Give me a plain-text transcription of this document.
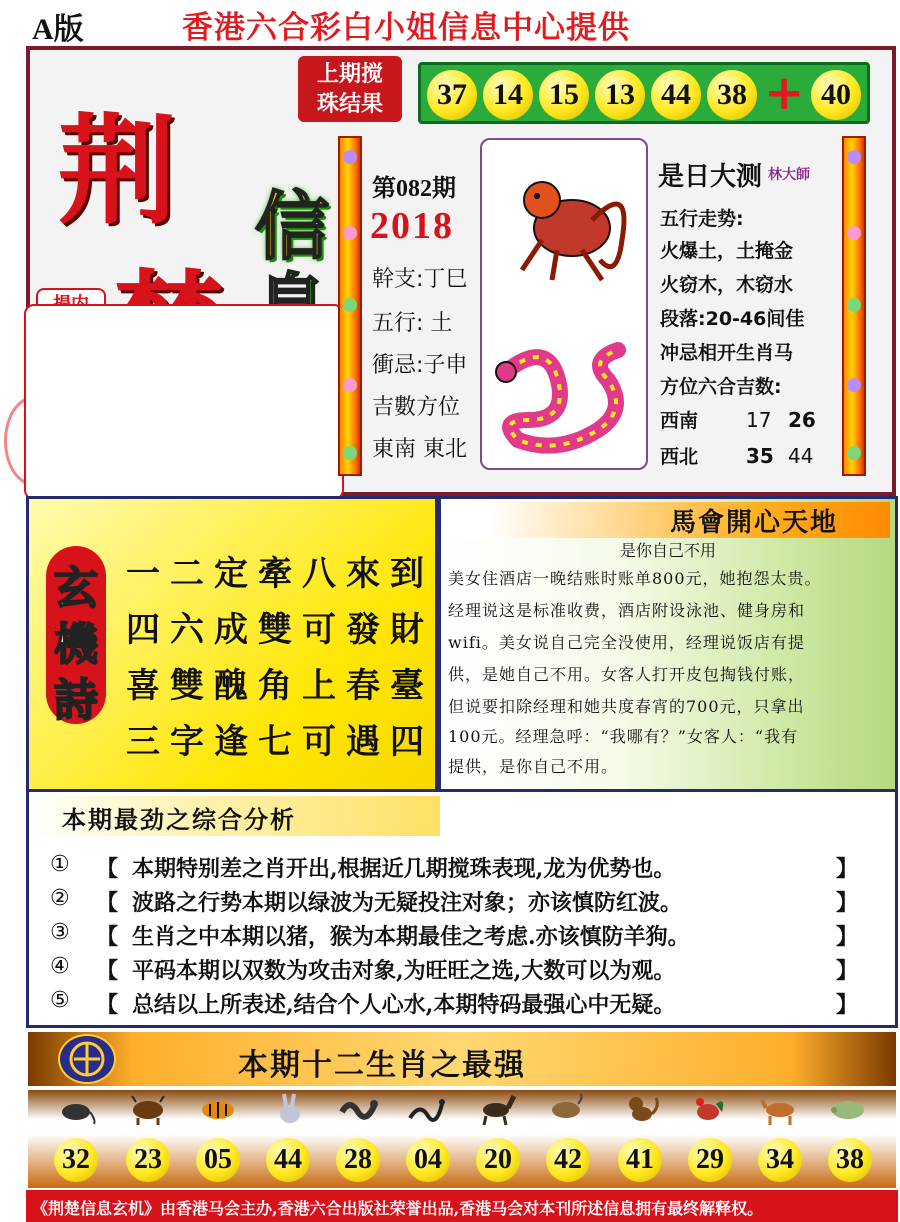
A版	香港六合彩白小姐信息中心提供
荆 信
上期搅
珠结果	37 14 15 13 44 38 + 40
第082期
2018
幹支:丁巳
五行: 土
衝忌:子申
吉數方位
東南 東北
是日大测 林大師
五行走势:
火爆土，土掩金
火窃木，木窃水
段落:20-46间佳
冲忌相开生肖马
方位六合吉数:
西南 17 26
西北 35 44
玄
機
詩
一二定牽八來到
四六成雙可發財
喜雙醜角上春臺
三字逢七可遇四
馬會開心天地
是你自己不用
美女住酒店一晚结账时账单800元，她抱怨太贵。
经理说这是标准收费，酒店附设泳池、健身房和
wifi。美女说自己完全没使用，经理说饭店有提
供，是她自己不用。女客人打开皮包掏钱付账，
但说要扣除经理和她共度春宵的700元，只拿出
100元。经理急呼：“我哪有？”女客人：“我有
提供，是你自己不用。
本期最劲之综合分析
① 【 本期特别差之肖开出,根据近几期搅珠表现,龙为优势也。	】
② 【 波路之行势本期以绿波为无疑投注对象；亦该慎防红波。	】
③ 【 生肖之中本期以猪，猴为本期最佳之考虑.亦该慎防羊狗。	】
④ 【 平码本期以双数为攻击对象,为旺旺之选,大数可以为观。	】
⑤ 【 总结以上所表述,结合个人心水,本期特码最强心中无疑。	】
本期十二生肖之最强
32 23 05 44 28 04 20 42 41 29 34 38
《荆楚信息玄机》由香港马会主办,香港六合出版社荣誉出品,香港马会对本刊所述信息拥有最终解释权。
